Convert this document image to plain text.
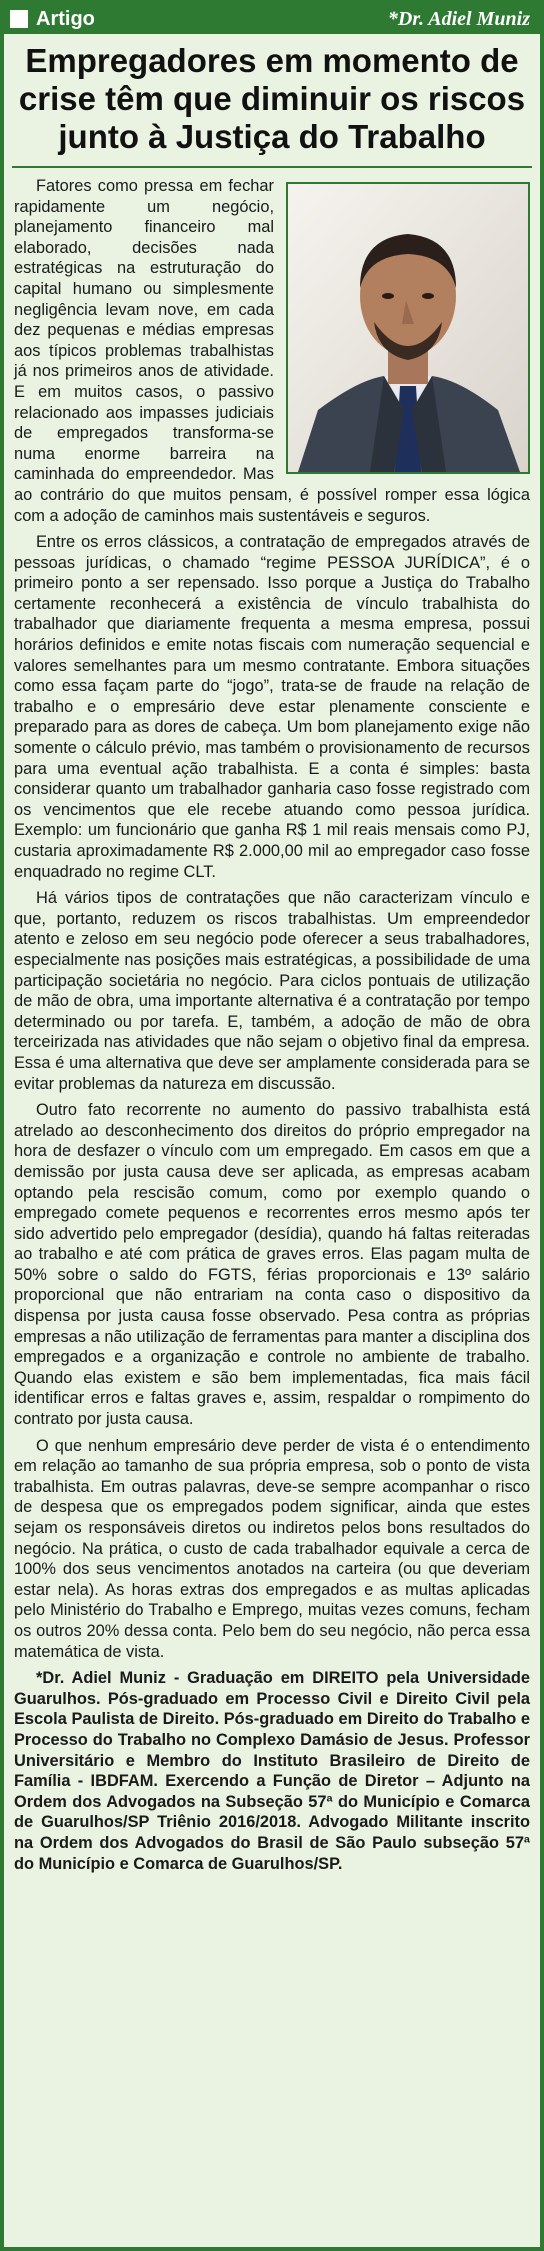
Artigo	*Dr. Adiel Muniz
Empregadores em momento de crise têm que diminuir os riscos junto à Justiça do Trabalho

Fatores como pressa em fechar rapidamente um negócio, planejamento financeiro mal elaborado, decisões nada estratégicas na estruturação do capital humano ou simplesmente negligência levam nove, em cada dez pequenas e médias empresas aos típicos problemas trabalhistas já nos primeiros anos de atividade. E em muitos casos, o passivo relacionado aos impasses judiciais de empregados transforma-se numa enorme barreira na caminhada do empreendedor. Mas ao contrário do que muitos pensam, é possível romper essa lógica com a adoção de caminhos mais sustentáveis e seguros.

Entre os erros clássicos, a contratação de empregados através de pessoas jurídicas, o chamado “regime PESSOA JURÍDICA”, é o primeiro ponto a ser repensado. Isso porque a Justiça do Trabalho certamente reconhecerá a existência de vínculo trabalhista do trabalhador que diariamente frequenta a mesma empresa, possui horários definidos e emite notas fiscais com numeração sequencial e valores semelhantes para um mesmo contratante. Embora situações como essa façam parte do “jogo”, trata-se de fraude na relação de trabalho e o empresário deve estar plenamente consciente e preparado para as dores de cabeça. Um bom planejamento exige não somente o cálculo prévio, mas também o provisionamento de recursos para uma eventual ação trabalhista. E a conta é simples: basta considerar quanto um trabalhador ganharia caso fosse registrado com os vencimentos que ele recebe atuando como pessoa jurídica. Exemplo: um funcionário que ganha R$ 1 mil reais mensais como PJ, custaria aproximadamente R$ 2.000,00 mil ao empregador caso fosse enquadrado no regime CLT.

Há vários tipos de contratações que não caracterizam vínculo e que, portanto, reduzem os riscos trabalhistas. Um empreendedor atento e zeloso em seu negócio pode oferecer a seus trabalhadores, especialmente nas posições mais estratégicas, a possibilidade de uma participação societária no negócio. Para ciclos pontuais de utilização de mão de obra, uma importante alternativa é a contratação por tempo determinado ou por tarefa. E, também, a adoção de mão de obra terceirizada nas atividades que não sejam o objetivo final da empresa. Essa é uma alternativa que deve ser amplamente considerada para se evitar problemas da natureza em discussão.

Outro fato recorrente no aumento do passivo trabalhista está atrelado ao desconhecimento dos direitos do próprio empregador na hora de desfazer o vínculo com um empregado. Em casos em que a demissão por justa causa deve ser aplicada, as empresas acabam optando pela rescisão comum, como por exemplo quando o empregado comete pequenos e recorrentes erros mesmo após ter sido advertido pelo empregador (desídia), quando há faltas reiteradas ao trabalho e até com prática de graves erros. Elas pagam multa de 50% sobre o saldo do FGTS, férias proporcionais e 13º salário proporcional que não entrariam na conta caso o dispositivo da dispensa por justa causa fosse observado. Pesa contra as próprias empresas a não utilização de ferramentas para manter a disciplina dos empregados e a organização e controle no ambiente de trabalho. Quando elas existem e são bem implementadas, fica mais fácil identificar erros e faltas graves e, assim, respaldar o rompimento do contrato por justa causa.

O que nenhum empresário deve perder de vista é o entendimento em relação ao tamanho de sua própria empresa, sob o ponto de vista trabalhista. Em outras palavras, deve-se sempre acompanhar o risco de despesa que os empregados podem significar, ainda que estes sejam os responsáveis diretos ou indiretos pelos bons resultados do negócio. Na prática, o custo de cada trabalhador equivale a cerca de 100% dos seus vencimentos anotados na carteira (ou que deveriam estar nela). As horas extras dos empregados e as multas aplicadas pelo Ministério do Trabalho e Emprego, muitas vezes comuns, fecham os outros 20% dessa conta. Pelo bem do seu negócio, não perca essa matemática de vista.

*Dr. Adiel Muniz - Graduação em DIREITO pela Universidade Guarulhos. Pós-graduado em Processo Civil e Direito Civil pela Escola Paulista de Direito. Pós-graduado em Direito do Trabalho e Processo do Trabalho no Complexo Damásio de Jesus. Professor Universitário e Membro do Instituto Brasileiro de Direito de Família - IBDFAM. Exercendo a Função de Diretor – Adjunto na Ordem dos Advogados na Subseção 57ª do Município e Comarca de Guarulhos/SP Triênio 2016/2018. Advogado Militante inscrito na Ordem dos Advogados do Brasil de São Paulo subseção 57ª do Município e Comarca de Guarulhos/SP.
